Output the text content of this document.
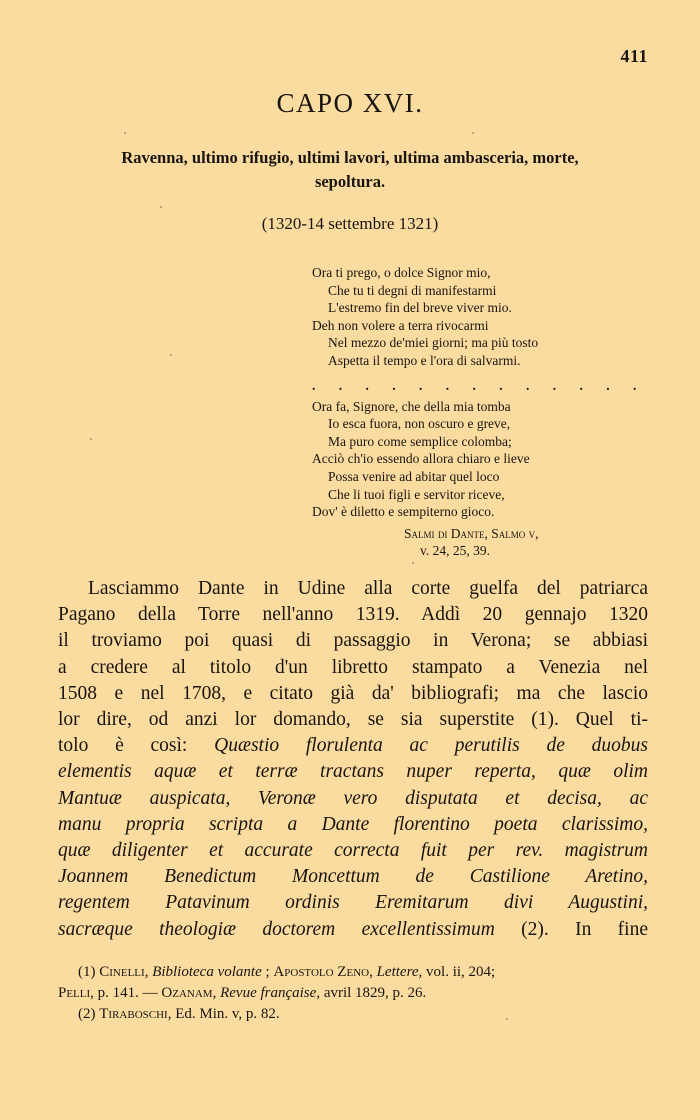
411
CAPO XVI.
Ravenna, ultimo rifugio, ultimi lavori, ultima ambasceria, morte,
sepoltura.
(1320-14 settembre 1321)
Ora ti prego, o dolce Signor mio,
Che tu ti degni di manifestarmi
L'estremo fin del breve viver mio.
Deh non volere a terra rivocarmi
Nel mezzo de'miei giorni; ma più tosto
Aspetta il tempo e l'ora di salvarmi.
. . . . . . . . . . . . .
Ora fa, Signore, che della mia tomba
Io esca fuora, non oscuro e greve,
Ma puro come semplice colomba;
Acciò ch'io essendo allora chiaro e lieve
Possa venire ad abitar quel loco
Che li tuoi figli e servitor riceve,
Dov' è diletto e sempiterno gioco.
Salmi di Dante, Salmo v,
v. 24, 25, 39.
Lasciammo Dante in Udine alla corte guelfa del patriarca
Pagano della Torre nell'anno 1319. Addì 20 gennajo 1320
il troviamo poi quasi di passaggio in Verona; se abbiasi
a credere al titolo d'un libretto stampato a Venezia nel
1508 e nel 1708, e citato già da' bibliografi; ma che lascio
lor dire, od anzi lor domando, se sia superstite (1). Quel ti-
tolo è così: Quæstio florulenta ac perutilis de duobus
elementis aquæ et terræ tractans nuper reperta, quæ olim
Mantuæ auspicata, Veronæ vero disputata et decisa, ac
manu propria scripta a Dante florentino poeta clarissimo,
quæ diligenter et accurate correcta fuit per rev. magistrum
Joannem Benedictum Moncettum de Castilione Aretino,
regentem Patavinum ordinis Eremitarum divi Augustini,
sacræque theologiæ doctorem excellentissimum (2). In fine
(1) Cinelli, Biblioteca volante ; Apostolo Zeno, Lettere, vol. ii, 204;
Pelli, p. 141. — Ozanam, Revue française, avril 1829, p. 26.
(2) Tiraboschi, Ed. Min. v, p. 82.
